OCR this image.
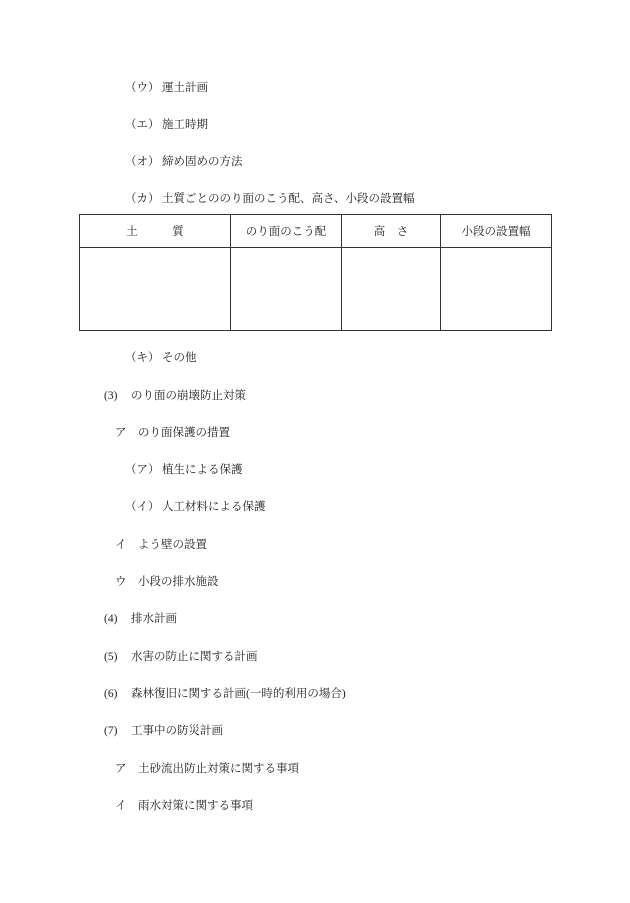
（ウ） 運土計画
（エ） 施工時期
（オ） 締め固めの方法
（カ） 土質ごとののり面のこう配、高さ、小段の設置幅
土　　　質	のり面のこう配	高　さ	小段の設置幅

（キ） その他
(3) のり面の崩壊防止対策
ア のり面保護の措置
（ア） 植生による保護
（イ） 人工材料による保護
イ よう壁の設置
ウ 小段の排水施設
(4) 排水計画
(5) 水害の防止に関する計画
(6) 森林復旧に関する計画(一時的利用の場合)
(7) 工事中の防災計画
ア 土砂流出防止対策に関する事項
イ 雨水対策に関する事項
